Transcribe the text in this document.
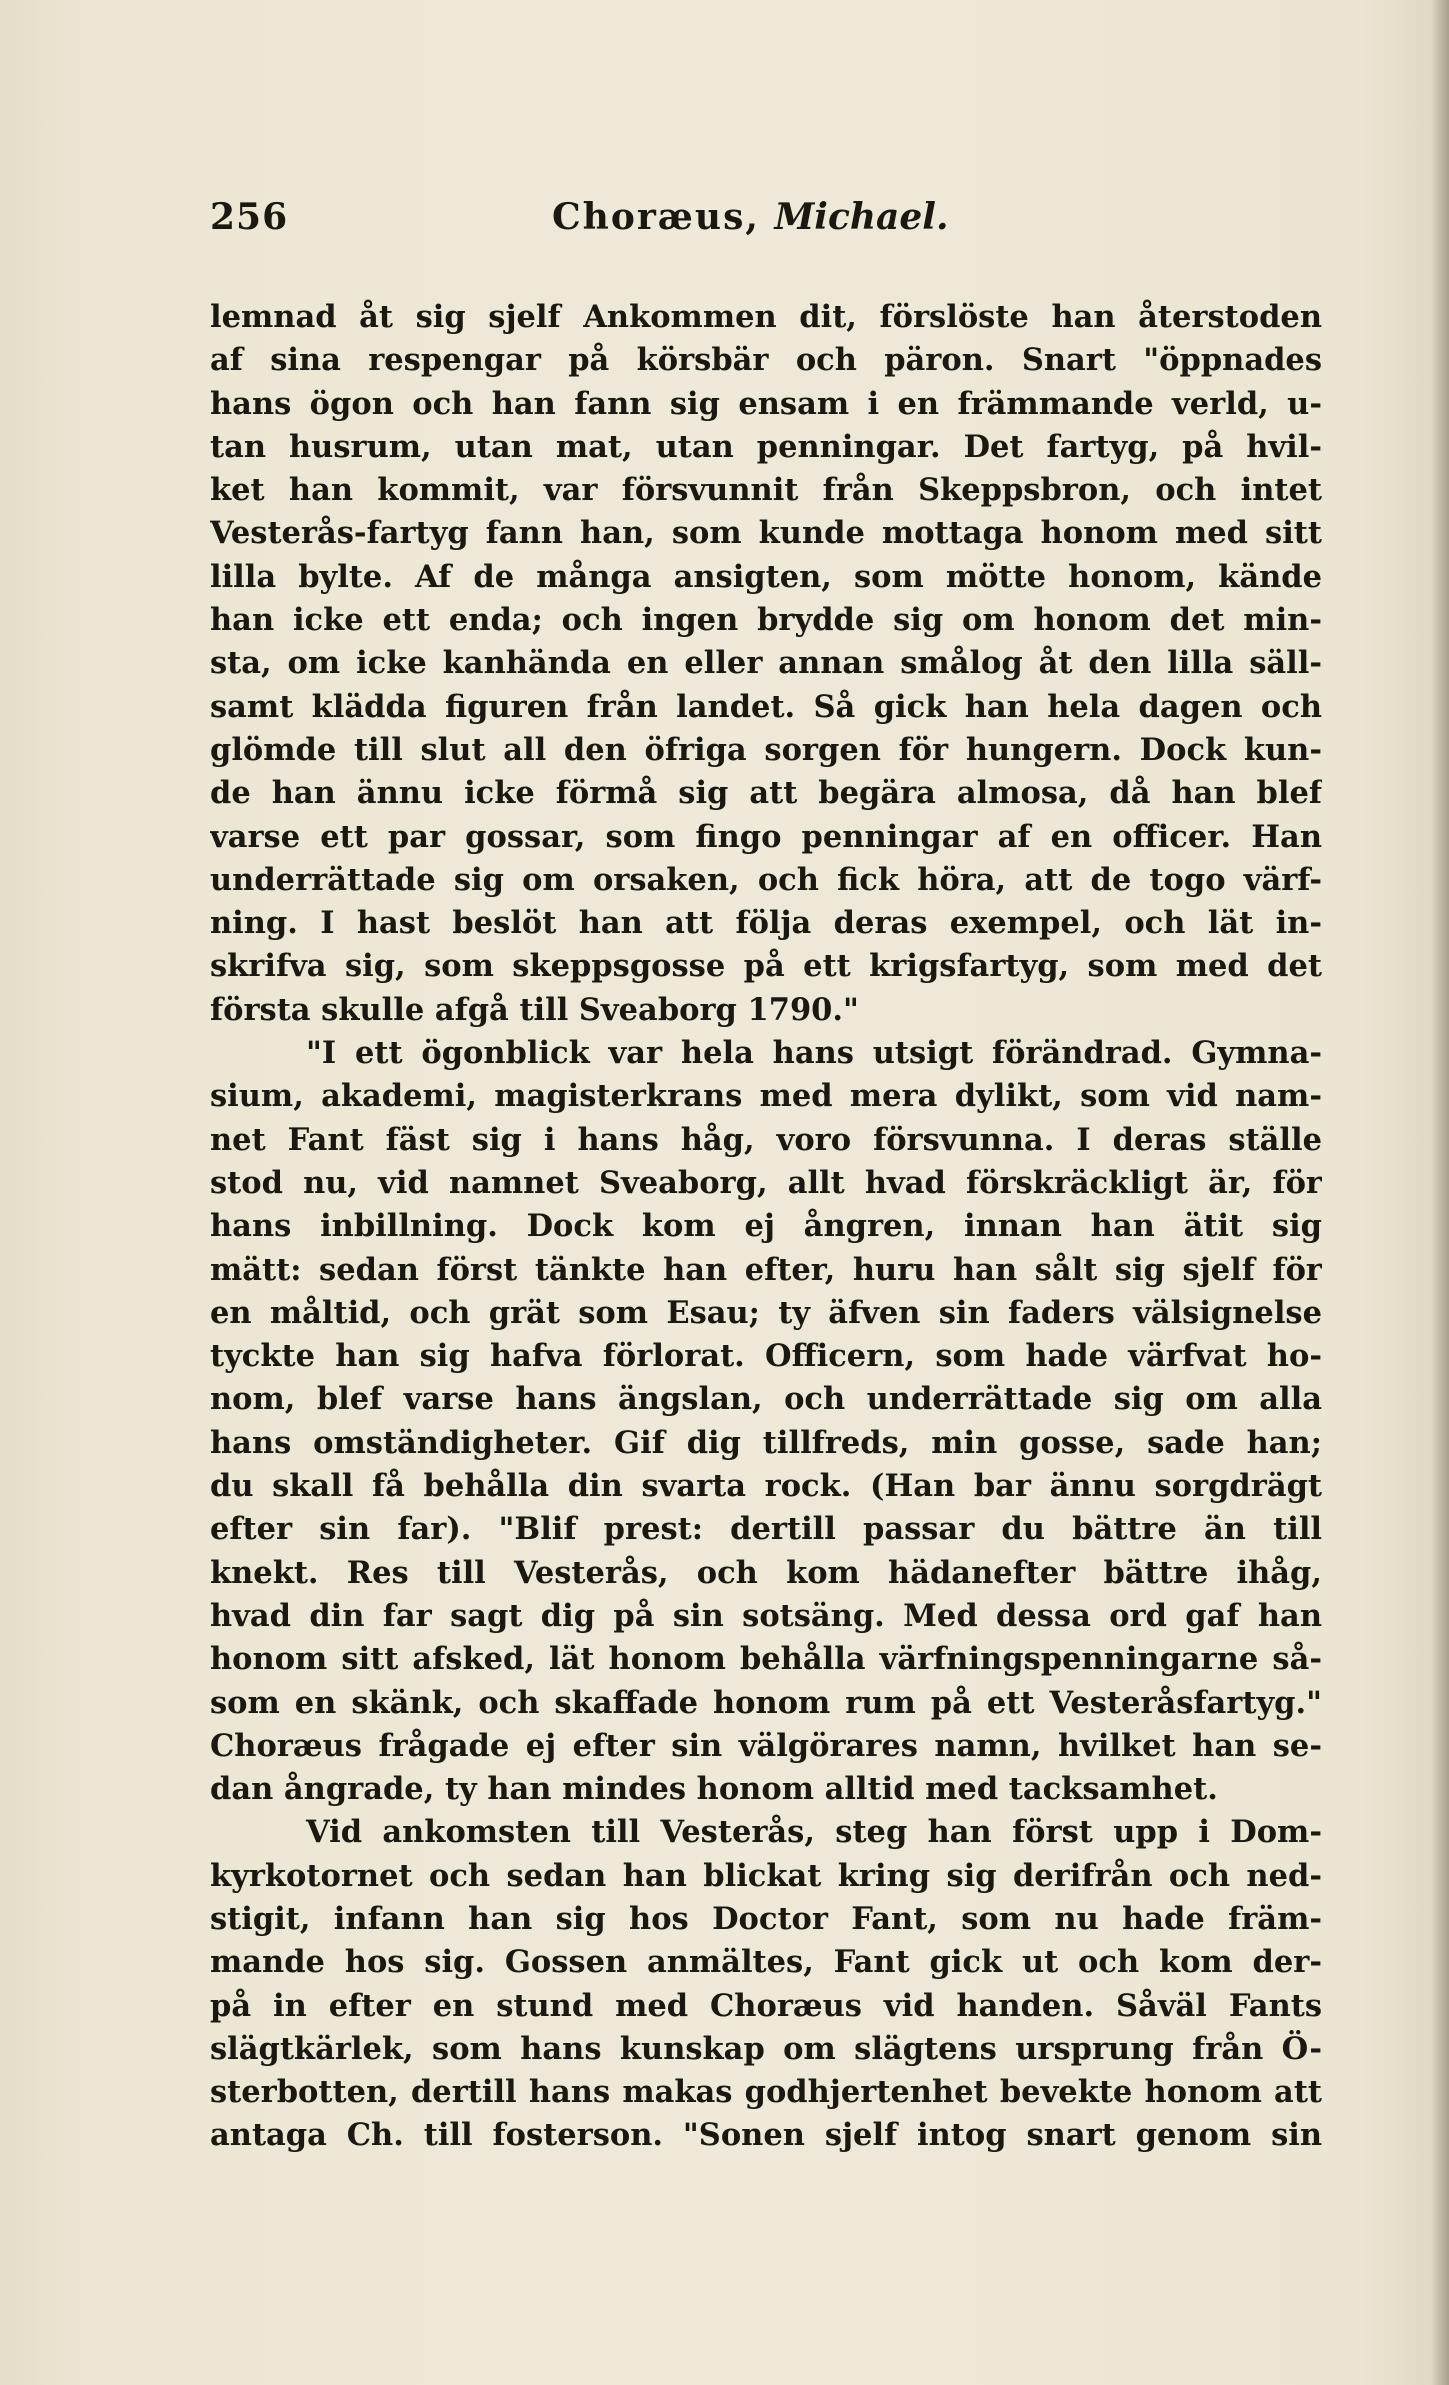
256	Choræus, Michael.
lemnad åt sig sjelf Ankommen dit, förslöste han återstoden
af sina respengar på körsbär och päron. Snart "öppnades
hans ögon och han fann sig ensam i en främmande verld, u-
tan husrum, utan mat, utan penningar. Det fartyg, på hvil-
ket han kommit, var försvunnit från Skeppsbron, och intet
Vesterås-fartyg fann han, som kunde mottaga honom med sitt
lilla bylte. Af de många ansigten, som mötte honom, kände
han icke ett enda; och ingen brydde sig om honom det min-
sta, om icke kanhända en eller annan smålog åt den lilla säll-
samt klädda figuren från landet. Så gick han hela dagen och
glömde till slut all den öfriga sorgen för hungern. Dock kun-
de han ännu icke förmå sig att begära almosa, då han blef
varse ett par gossar, som fingo penningar af en officer. Han
underrättade sig om orsaken, och fick höra, att de togo värf-
ning. I hast beslöt han att följa deras exempel, och lät in-
skrifva sig, som skeppsgosse på ett krigsfartyg, som med det
första skulle afgå till Sveaborg 1790."
"I ett ögonblick var hela hans utsigt förändrad. Gymna-
sium, akademi, magisterkrans med mera dylikt, som vid nam-
net Fant fäst sig i hans håg, voro försvunna. I deras ställe
stod nu, vid namnet Sveaborg, allt hvad förskräckligt är, för
hans inbillning. Dock kom ej ångren, innan han ätit sig
mätt: sedan först tänkte han efter, huru han sålt sig sjelf för
en måltid, och grät som Esau; ty äfven sin faders välsignelse
tyckte han sig hafva förlorat. Officern, som hade värfvat ho-
nom, blef varse hans ängslan, och underrättade sig om alla
hans omständigheter. Gif dig tillfreds, min gosse, sade han;
du skall få behålla din svarta rock. (Han bar ännu sorgdrägt
efter sin far). "Blif prest: dertill passar du bättre än till
knekt. Res till Vesterås, och kom hädanefter bättre ihåg,
hvad din far sagt dig på sin sotsäng. Med dessa ord gaf han
honom sitt afsked, lät honom behålla värfningspenningarne så-
som en skänk, och skaffade honom rum på ett Vesteråsfartyg."
Choræus frågade ej efter sin välgörares namn, hvilket han se-
dan ångrade, ty han mindes honom alltid med tacksamhet.
Vid ankomsten till Vesterås, steg han först upp i Dom-
kyrkotornet och sedan han blickat kring sig derifrån och ned-
stigit, infann han sig hos Doctor Fant, som nu hade främ-
mande hos sig. Gossen anmältes, Fant gick ut och kom der-
på in efter en stund med Choræus vid handen. Såväl Fants
slägtkärlek, som hans kunskap om slägtens ursprung från Ö-
sterbotten, dertill hans makas godhjertenhet bevekte honom att
antaga Ch. till fosterson. "Sonen sjelf intog snart genom sin
